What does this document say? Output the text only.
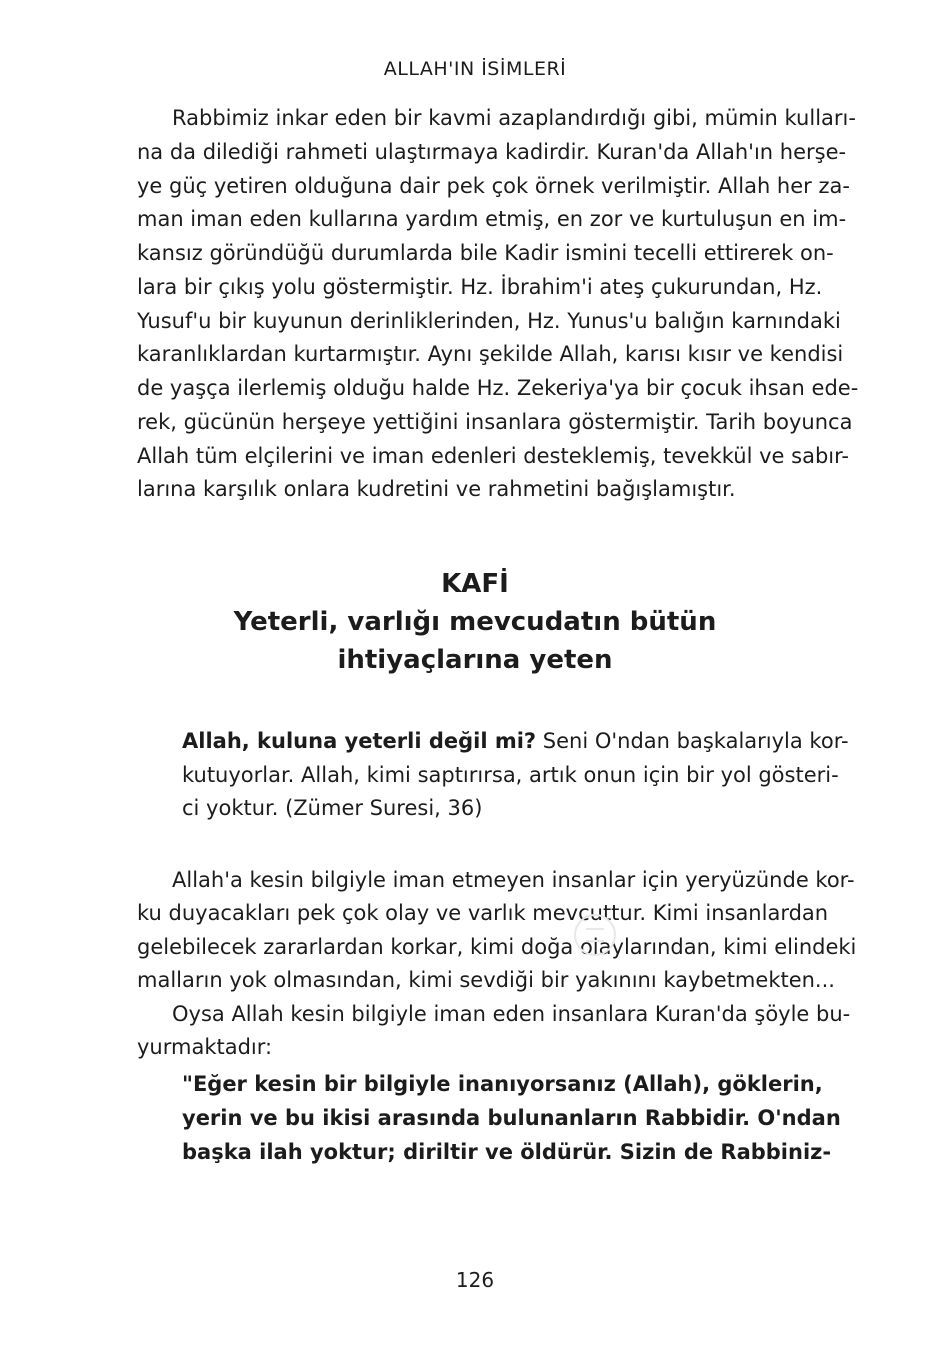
ALLAH'IN İSİMLERİ
Rabbimiz inkar eden bir kavmi azaplandırdığı gibi, mümin kulları-
na da dilediği rahmeti ulaştırmaya kadirdir. Kuran'da Allah'ın herşe-
ye güç yetiren olduğuna dair pek çok örnek verilmiştir. Allah her za-
man iman eden kullarına yardım etmiş, en zor ve kurtuluşun en im-
kansız göründüğü durumlarda bile Kadir ismini tecelli ettirerek on-
lara bir çıkış yolu göstermiştir. Hz. İbrahim'i ateş çukurundan, Hz.
Yusuf'u bir kuyunun derinliklerinden, Hz. Yunus'u balığın karnındaki
karanlıklardan kurtarmıştır. Aynı şekilde Allah, karısı kısır ve kendisi
de yaşça ilerlemiş olduğu halde Hz. Zekeriya'ya bir çocuk ihsan ede-
rek, gücünün herşeye yettiğini insanlara göstermiştir. Tarih boyunca
Allah tüm elçilerini ve iman edenleri desteklemiş, tevekkül ve sabır-
larına karşılık onlara kudretini ve rahmetini bağışlamıştır.
KAFİ
Yeterli, varlığı mevcudatın bütün
ihtiyaçlarına yeten
Allah, kuluna yeterli değil mi? Seni O'ndan başkalarıyla kor-
kutuyorlar. Allah, kimi saptırırsa, artık onun için bir yol gösteri-
ci yoktur. (Zümer Suresi, 36)
Allah'a kesin bilgiyle iman etmeyen insanlar için yeryüzünde kor-
ku duyacakları pek çok olay ve varlık mevcuttur. Kimi insanlardan
gelebilecek zararlardan korkar, kimi doğa olaylarından, kimi elindeki
malların yok olmasından, kimi sevdiği bir yakınını kaybetmekten...
Oysa Allah kesin bilgiyle iman eden insanlara Kuran'da şöyle bu-
yurmaktadır:
"Eğer kesin bir bilgiyle inanıyorsanız (Allah), göklerin,
yerin ve bu ikisi arasında bulunanların Rabbidir. O'ndan
başka ilah yoktur; diriltir ve öldürür. Sizin de Rabbiniz-
126
